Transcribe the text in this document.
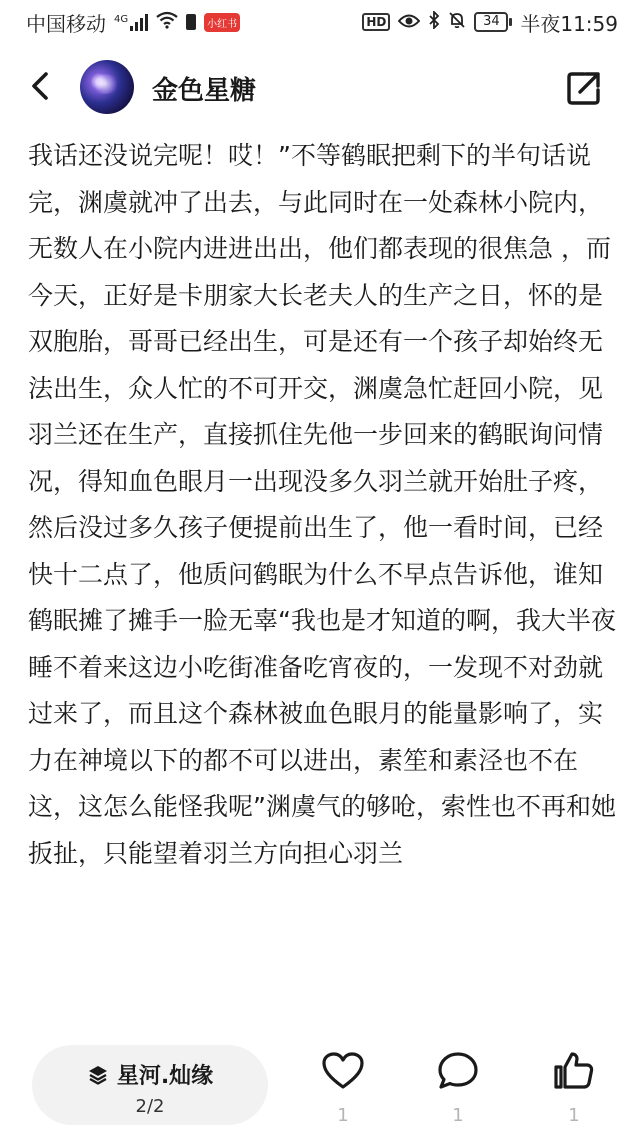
中国移动 4G	小红书	HD	34	半夜11:59
金色星糖

我话还没说完呢！哎！”不等鹤眠把剩下的半句话说完，渊虞就冲了出去，与此同时在一处森林小院内，无数人在小院内进进出出，他们都表现的很焦急 ，而今天，正好是卡朋家大长老夫人的生产之日，怀的是双胞胎，哥哥已经出生，可是还有一个孩子却始终无法出生，众人忙的不可开交，渊虞急忙赶回小院，见羽兰还在生产，直接抓住先他一步回来的鹤眠询问情况，得知血色眼月一出现没多久羽兰就开始肚子疼，然后没过多久孩子便提前出生了，他一看时间，已经快十二点了，他质问鹤眠为什么不早点告诉他，谁知鹤眠摊了摊手一脸无辜“我也是才知道的啊，我大半夜睡不着来这边小吃街准备吃宵夜的，一发现不对劲就过来了，而且这个森林被血色眼月的能量影响了，实力在神境以下的都不可以进出，素笙和素泾也不在这，这怎么能怪我呢”渊虞气的够呛，索性也不再和她扳扯，只能望着羽兰方向担心羽兰

星河.灿缘
2/2	1	1	1
